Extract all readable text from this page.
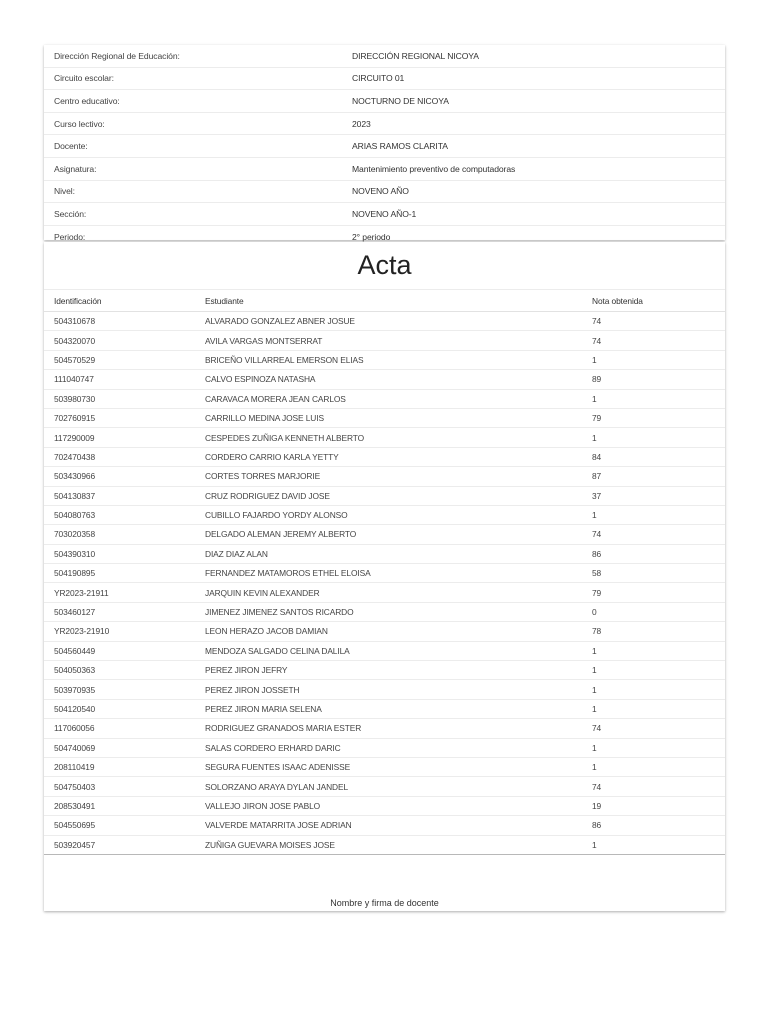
Dirección Regional de Educación:	DIRECCIÓN REGIONAL NICOYA
Circuito escolar:	CIRCUITO 01
Centro educativo:	NOCTURNO DE NICOYA
Curso lectivo:	2023
Docente:	ARIAS RAMOS CLARITA
Asignatura:	Mantenimiento preventivo de computadoras
Nivel:	NOVENO AÑO
Sección:	NOVENO AÑO-1
Periodo:	2° periodo
Acta
Identificación	Estudiante	Nota obtenida
504310678	ALVARADO GONZALEZ ABNER JOSUE	74
504320070	AVILA VARGAS MONTSERRAT	74
504570529	BRICEÑO VILLARREAL EMERSON ELIAS	1
111040747	CALVO ESPINOZA NATASHA	89
503980730	CARAVACA MORERA JEAN CARLOS	1
702760915	CARRILLO MEDINA JOSE LUIS	79
117290009	CESPEDES ZUÑIGA KENNETH ALBERTO	1
702470438	CORDERO CARRIO KARLA YETTY	84
503430966	CORTES TORRES MARJORIE	87
504130837	CRUZ RODRIGUEZ DAVID JOSE	37
504080763	CUBILLO FAJARDO YORDY ALONSO	1
703020358	DELGADO ALEMAN JEREMY ALBERTO	74
504390310	DIAZ DIAZ ALAN	86
504190895	FERNANDEZ MATAMOROS ETHEL ELOISA	58
YR2023-21911	JARQUIN KEVIN ALEXANDER	79
503460127	JIMENEZ JIMENEZ SANTOS RICARDO	0
YR2023-21910	LEON HERAZO JACOB DAMIAN	78
504560449	MENDOZA SALGADO CELINA DALILA	1
504050363	PEREZ JIRON JEFRY	1
503970935	PEREZ JIRON JOSSETH	1
504120540	PEREZ JIRON MARIA SELENA	1
117060056	RODRIGUEZ GRANADOS MARIA ESTER	74
504740069	SALAS CORDERO ERHARD DARIC	1
208110419	SEGURA FUENTES ISAAC ADENISSE	1
504750403	SOLORZANO ARAYA DYLAN JANDEL	74
208530491	VALLEJO JIRON JOSE PABLO	19
504550695	VALVERDE MATARRITA JOSE ADRIAN	86
503920457	ZUÑIGA GUEVARA MOISES JOSE	1
Nombre y firma de docente
